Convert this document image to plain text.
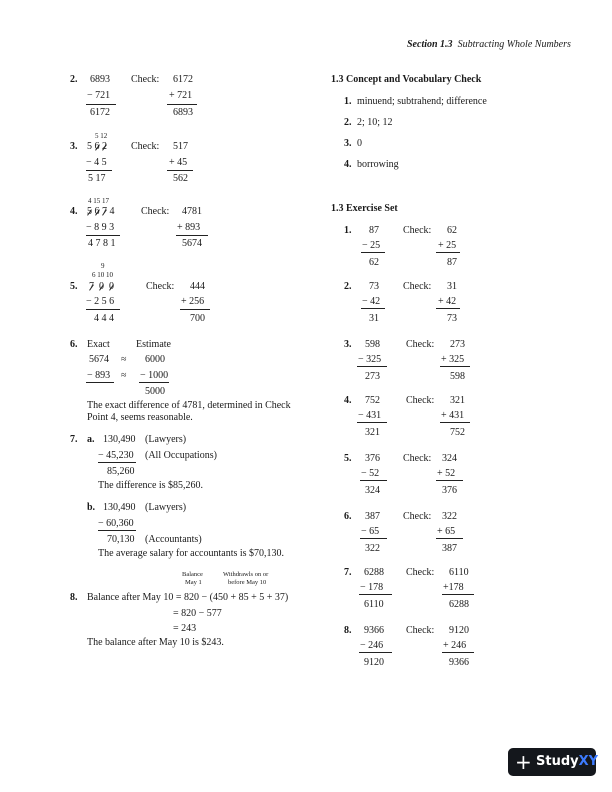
Section 1.3 Subtracting Whole Numbers
2. 6893
− 721
6172
Check: 6172
+ 721
6893
5 12
3. 5 6 2
− 4 5
5 17
Check: 517
+ 45
562
4 15 17
4. 5 6 7 4
− 8 9 3
4 7 8 1
Check: 4781
+ 893
5674
9
6 10 10
5. 7 0 0
− 2 5 6
4 4 4
Check: 444
+ 256
700
6. Exact	Estimate
5674 ≈ 6000
− 893 ≈ − 1000
5000
The exact difference of 4781, determined in Check
Point 4, seems reasonable.
7. a. 130,490 (Lawyers)
− 45,230 (All Occupations)
85,260
The difference is $85,260.
b. 130,490 (Lawyers)
− 60,360
70,130 (Accountants)
The average salary for accountants is $70,130.
Balance
May 1
Withdrawls on or
before May 10
8. Balance after May 10 = 820 − (450 + 85 + 5 + 37)
= 820 − 577
= 243
The balance after May 10 is $243.
1.3 Concept and Vocabulary Check
1. minuend; subtrahend; difference
2. 2; 10; 12
3. 0
4. borrowing
1.3 Exercise Set
1. 87
− 25
62
Check: 62
+ 25
87
2. 73
− 42
31
Check: 31
+ 42
73
3. 598
− 325
273
Check: 273
+ 325
598
4. 752
− 431
321
Check: 321
+ 431
752
5. 376
− 52
324
Check: 324
+ 52
376
6. 387
− 65
322
Check: 322
+ 65
387
7. 6288
− 178
6110
Check: 6110
+178
6288
8. 9366
− 246
9120
Check: 9120
+ 246
9366
+ StudyXY
